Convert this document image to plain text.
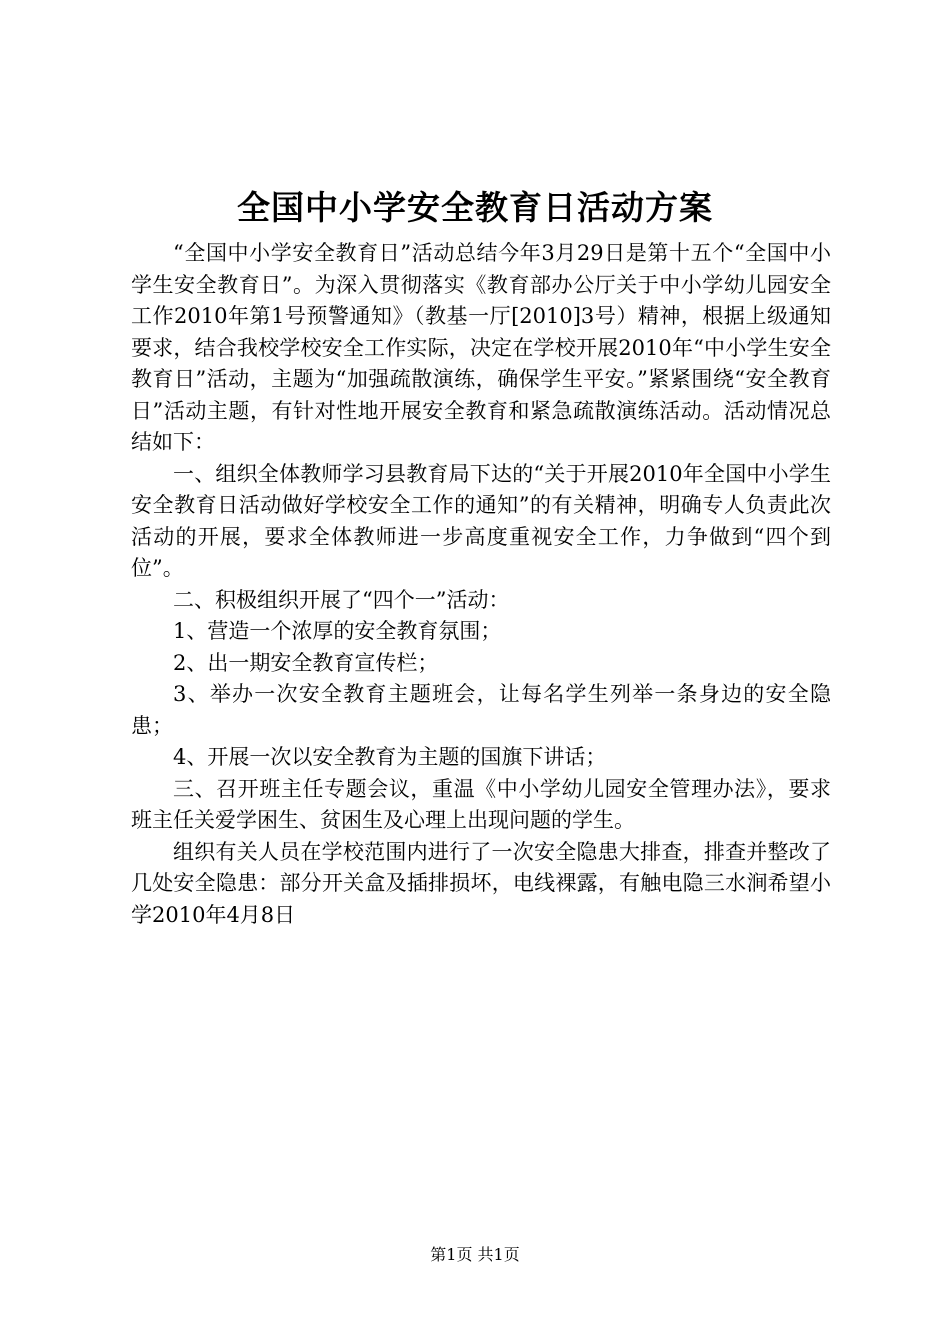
全国中小学安全教育日活动方案

“全国中小学安全教育日”活动总结今年3月29日是第十五个“全国中小学生安全教育日”。为深入贯彻落实《教育部办公厅关于中小学幼儿园安全工作2010年第1号预警通知》（教基一厅[2010]3号）精神，根据上级通知要求，结合我校学校安全工作实际，决定在学校开展2010年“中小学生安全教育日”活动，主题为“加强疏散演练，确保学生平安。”紧紧围绕“安全教育日”活动主题，有针对性地开展安全教育和紧急疏散演练活动。活动情况总结如下：

一、组织全体教师学习县教育局下达的“关于开展2010年全国中小学生安全教育日活动做好学校安全工作的通知”的有关精神，明确专人负责此次活动的开展，要求全体教师进一步高度重视安全工作，力争做到“四个到位”。

二、积极组织开展了“四个一”活动：

1、营造一个浓厚的安全教育氛围；

2、出一期安全教育宣传栏；

3、举办一次安全教育主题班会，让每名学生列举一条身边的安全隐患；

4、开展一次以安全教育为主题的国旗下讲话；

三、召开班主任专题会议，重温《中小学幼儿园安全管理办法》，要求班主任关爱学困生、贫困生及心理上出现问题的学生。

组织有关人员在学校范围内进行了一次安全隐患大排查，排查并整改了几处安全隐患：部分开关盒及插排损坏，电线裸露，有触电隐三水涧希望小学2010年4月8日

第1页 共1页
